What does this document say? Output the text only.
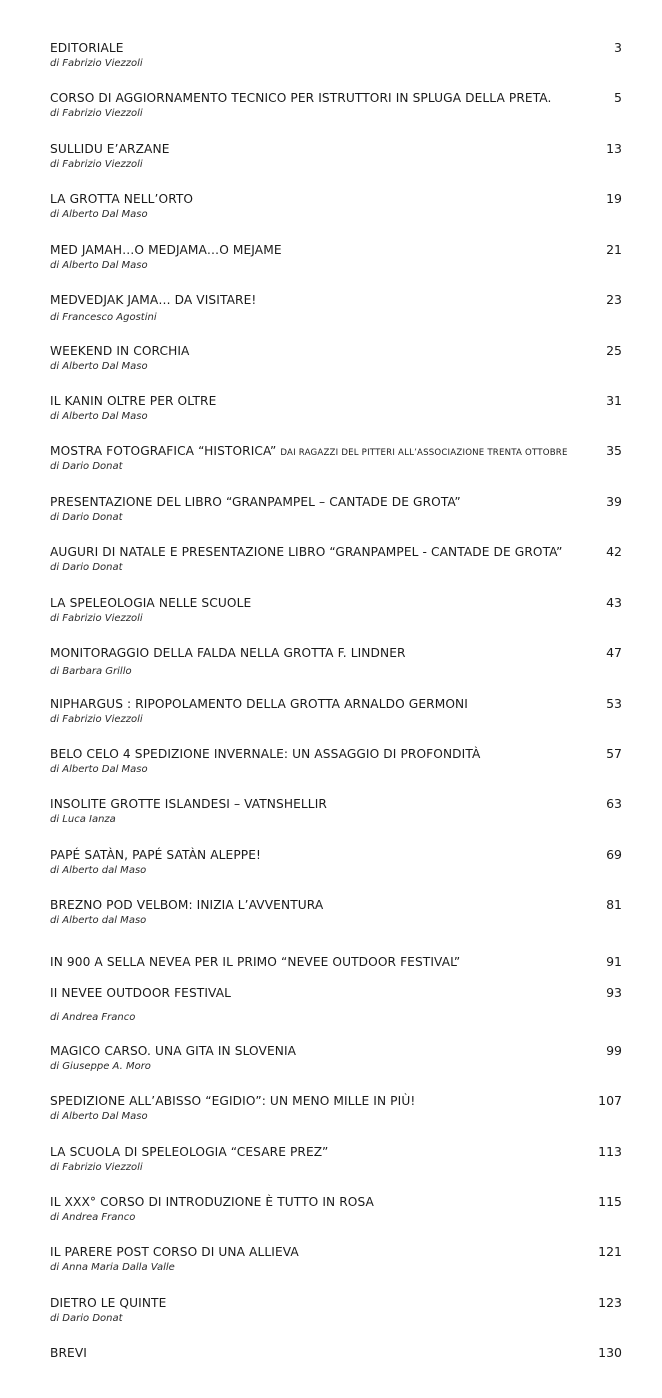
EDITORIALE	3
di Fabrizio Viezzoli
CORSO DI AGGIORNAMENTO TECNICO PER ISTRUTTORI IN SPLUGA DELLA PRETA.	5
di Fabrizio Viezzoli
SULLIDU E’ARZANE	13
di Fabrizio Viezzoli
LA GROTTA NELL’ORTO	19
di Alberto Dal Maso
MED JAMAH…O MEDJAMA…O MEJAME	21
di Alberto Dal Maso
MEDVEDJAK JAMA… DA VISITARE!	23
di Francesco Agostini
WEEKEND IN CORCHIA	25
di Alberto Dal Maso
IL KANIN OLTRE PER OLTRE	31
di Alberto Dal Maso
MOSTRA FOTOGRAFICA “HISTORICA” DAI RAGAZZI DEL PITTERI ALL’ASSOCIAZIONE TRENTA OTTOBRE	35
di Dario Donat
PRESENTAZIONE DEL LIBRO “GRANPAMPEL – CANTADE DE GROTA”	39
di Dario Donat
AUGURI DI NATALE E PRESENTAZIONE LIBRO “GRANPAMPEL - CANTADE DE GROTA”	42
di Dario Donat
LA SPELEOLOGIA NELLE SCUOLE	43
di Fabrizio Viezzoli
MONITORAGGIO DELLA FALDA NELLA GROTTA F. LINDNER	47
di Barbara Grillo
NIPHARGUS : RIPOPOLAMENTO DELLA GROTTA ARNALDO GERMONI	53
di Fabrizio Viezzoli
BELO CELO 4 SPEDIZIONE INVERNALE: UN ASSAGGIO DI PROFONDITÀ	57
di Alberto Dal Maso
INSOLITE GROTTE ISLANDESI – VATNSHELLIR	63
di Luca Ianza
PAPÉ SATÀN, PAPÉ SATÀN ALEPPE!	69
di Alberto dal Maso
BREZNO POD VELBOM: INIZIA L’AVVENTURA	81
di Alberto dal Maso
IN 900 A SELLA NEVEA PER IL PRIMO “NEVEE OUTDOOR FESTIVAL”	91
II NEVEE OUTDOOR FESTIVAL	93
di Andrea Franco
MAGICO CARSO. UNA GITA IN SLOVENIA	99
di Giuseppe A. Moro
SPEDIZIONE ALL’ABISSO “EGIDIO”: UN MENO MILLE IN PIÙ!	107
di Alberto Dal Maso
LA SCUOLA DI SPELEOLOGIA “CESARE PREZ”	113
di Fabrizio Viezzoli
IL XXX° CORSO DI INTRODUZIONE È TUTTO IN ROSA	115
di Andrea Franco
IL PARERE POST CORSO DI UNA ALLIEVA	121
di Anna Maria Dalla Valle
DIETRO LE QUINTE	123
di Dario Donat
BREVI	130
